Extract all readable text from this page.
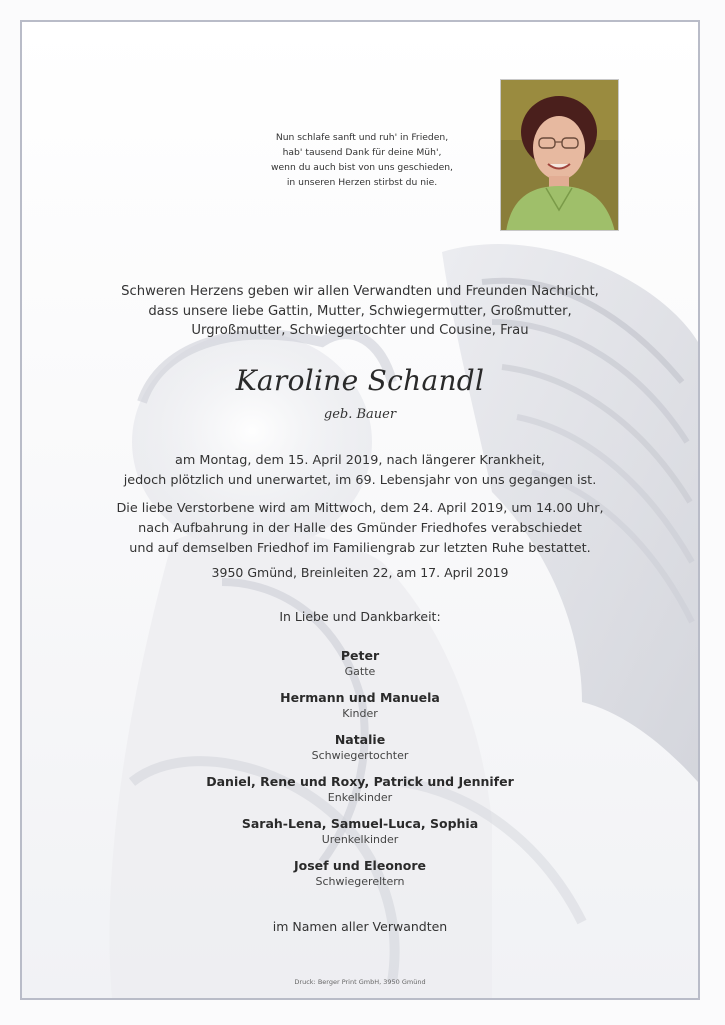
Nun schlafe sanft und ruh' in Frieden,
hab' tausend Dank für deine Müh',
wenn du auch bist von uns geschieden,
in unseren Herzen stirbst du nie.
Schweren Herzens geben wir allen Verwandten und Freunden Nachricht,
dass unsere liebe Gattin, Mutter, Schwiegermutter, Großmutter,
Urgroßmutter, Schwiegertochter und Cousine, Frau
Karoline Schandl
geb. Bauer
am Montag, dem 15. April 2019, nach längerer Krankheit,
jedoch plötzlich und unerwartet, im 69. Lebensjahr von uns gegangen ist.
Die liebe Verstorbene wird am Mittwoch, dem 24. April 2019, um 14.00 Uhr,
nach Aufbahrung in der Halle des Gmünder Friedhofes verabschiedet
und auf demselben Friedhof im Familiengrab zur letzten Ruhe bestattet.
3950 Gmünd, Breinleiten 22, am 17. April 2019
In Liebe und Dankbarkeit:
Peter
Gatte
Hermann und Manuela
Kinder
Natalie
Schwiegertochter
Daniel, Rene und Roxy, Patrick und Jennifer
Enkelkinder
Sarah-Lena, Samuel-Luca, Sophia
Urenkelkinder
Josef und Eleonore
Schwiegereltern
im Namen aller Verwandten
Druck: Berger Print GmbH, 3950 Gmünd
